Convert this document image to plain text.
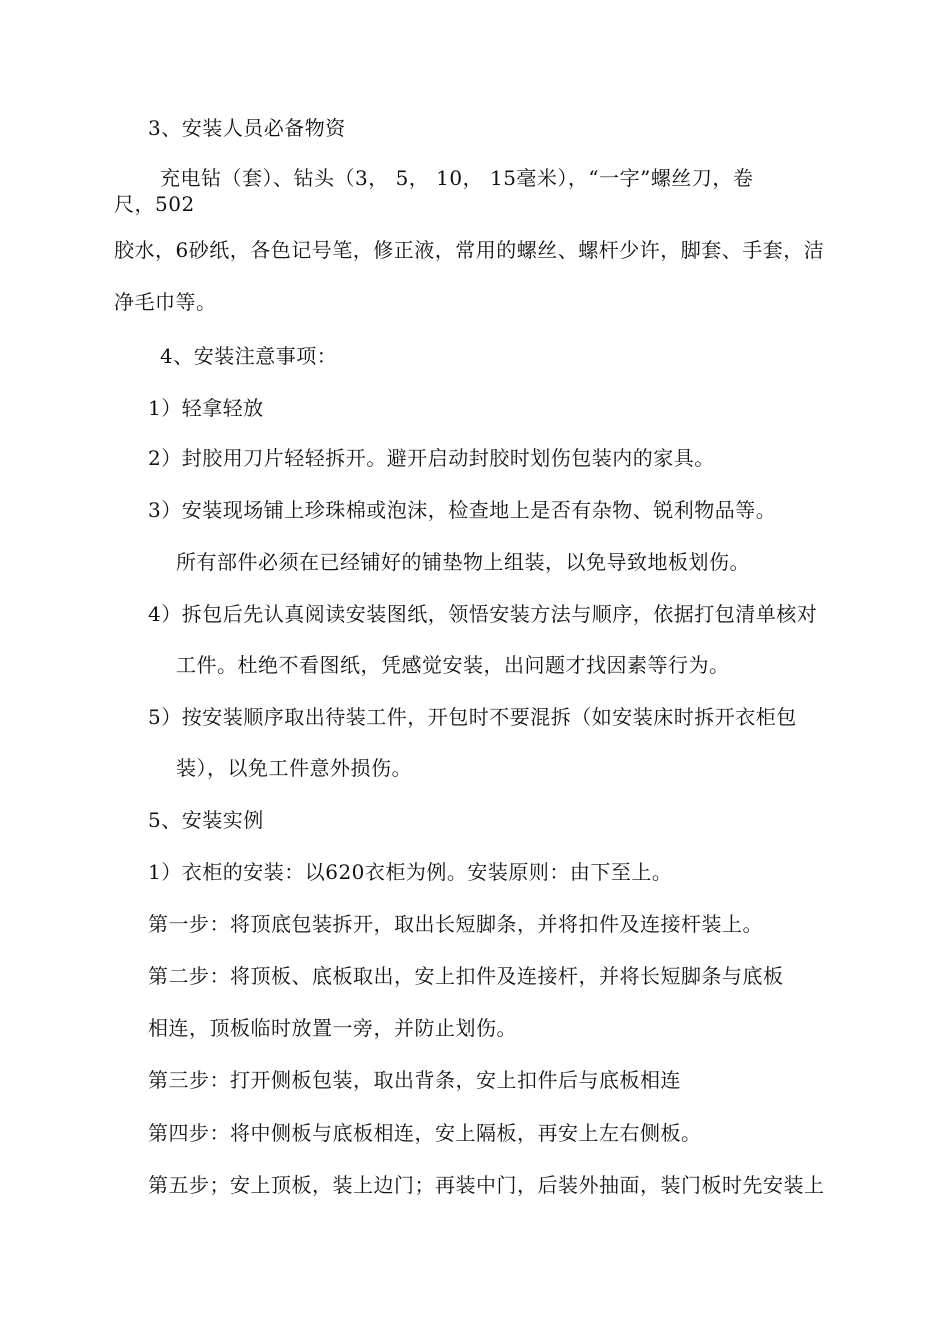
3、安装人员必备物资
充电钻（套）、钻头（3， 5， 10， 15毫米），“一字”螺丝刀，卷
尺，502
胶水，6砂纸，各色记号笔，修正液，常用的螺丝、螺杆少许，脚套、手套，洁
净毛巾等。
4、安装注意事项：
1）轻拿轻放
2）封胶用刀片轻轻拆开。避开启动封胶时划伤包装内的家具。
3）安装现场铺上珍珠棉或泡沫，检查地上是否有杂物、锐利物品等。
所有部件必须在已经铺好的铺垫物上组装，以免导致地板划伤。
4）拆包后先认真阅读安装图纸，领悟安装方法与顺序，依据打包清单核对
工件。杜绝不看图纸，凭感觉安装，出问题才找因素等行为。
5）按安装顺序取出待装工件，开包时不要混拆（如安装床时拆开衣柜包
装），以免工件意外损伤。
5、安装实例
1）衣柜的安装：以620衣柜为例。安装原则：由下至上。
第一步：将顶底包装拆开，取出长短脚条，并将扣件及连接杆装上。
第二步：将顶板、底板取出，安上扣件及连接杆，并将长短脚条与底板
相连，顶板临时放置一旁，并防止划伤。
第三步：打开侧板包装，取出背条，安上扣件后与底板相连
第四步：将中侧板与底板相连，安上隔板，再安上左右侧板。
第五步；安上顶板，装上边门；再装中门，后装外抽面，装门板时先安装上
